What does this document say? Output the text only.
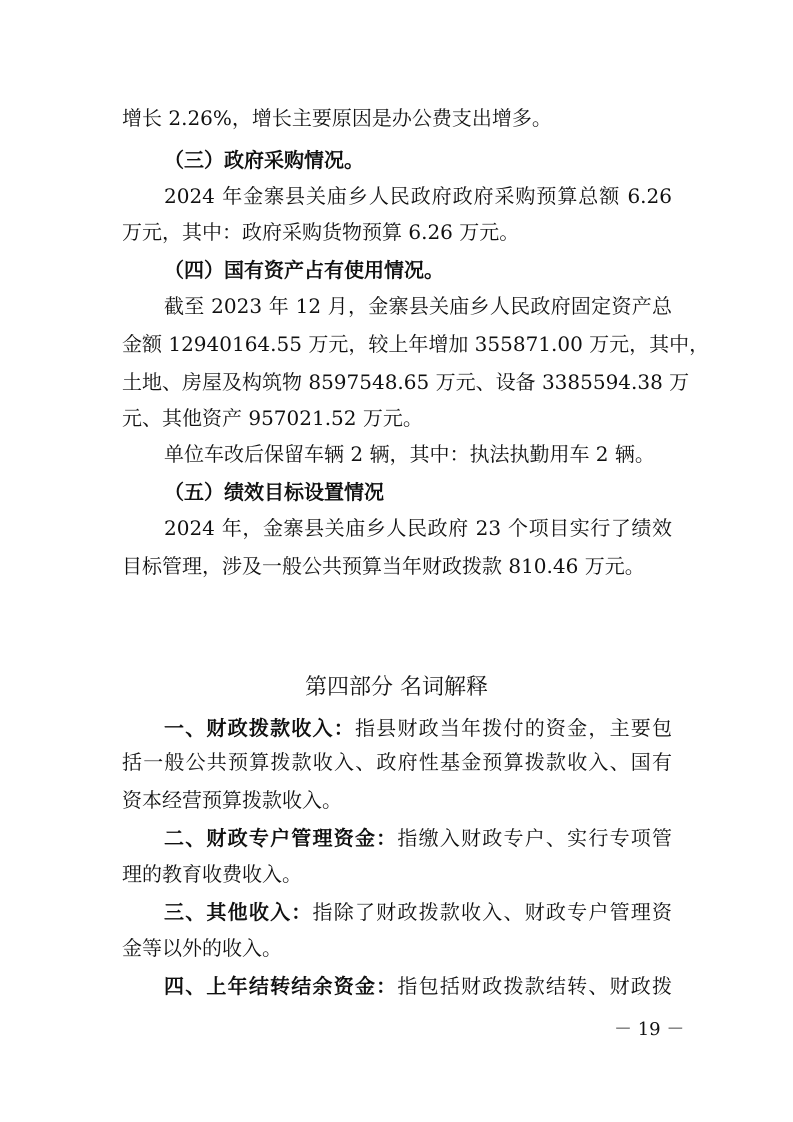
增长 2.26%，增长主要原因是办公费支出增多。

（三）政府采购情况。

2024 年金寨县关庙乡人民政府政府采购预算总额 6.26

万元，其中：政府采购货物预算 6.26 万元。

（四）国有资产占有使用情况。

截至 2023 年 12 月，金寨县关庙乡人民政府固定资产总

金额 12940164.55 万元，较上年增加 355871.00 万元，其中，

土地、房屋及构筑物 8597548.65 万元、设备 3385594.38 万

元、其他资产 957021.52 万元。

单位车改后保留车辆 2 辆，其中：执法执勤用车 2 辆。

（五）绩效目标设置情况

2024 年，金寨县关庙乡人民政府 23 个项目实行了绩效

目标管理，涉及一般公共预算当年财政拨款 810.46 万元。

第四部分 名词解释

一、财政拨款收入：指县财政当年拨付的资金，主要包

括一般公共预算拨款收入、政府性基金预算拨款收入、国有

资本经营预算拨款收入。

二、财政专户管理资金：指缴入财政专户、实行专项管

理的教育收费收入。

三、其他收入：指除了财政拨款收入、财政专户管理资

金等以外的收入。

四、上年结转结余资金：指包括财政拨款结转、财政拨

－ 19 －
